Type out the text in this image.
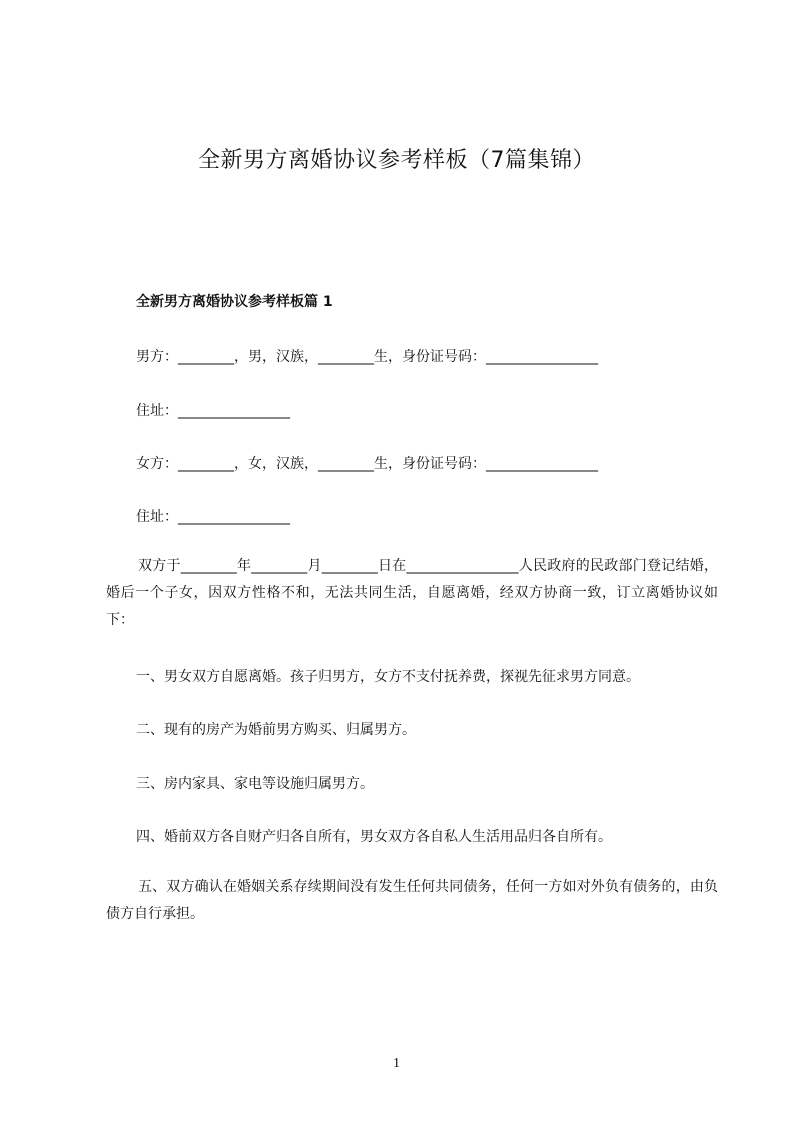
全新男方离婚协议参考样板（7篇集锦）
全新男方离婚协议参考样板篇 1
男方：________，男，汉族，________生，身份证号码：________________
住址：________________
女方：________，女，汉族，________生，身份证号码：________________
住址：________________
双方于________年________月________日在________________人民政府的民政部门登记结婚，婚后一个子女，因双方性格不和，无法共同生活，自愿离婚，经双方协商一致，订立离婚协议如下：
一、男女双方自愿离婚。孩子归男方，女方不支付抚养费，探视先征求男方同意。
二、现有的房产为婚前男方购买、归属男方。
三、房内家具、家电等设施归属男方。
四、婚前双方各自财产归各自所有，男女双方各自私人生活用品归各自所有。
五、双方确认在婚姻关系存续期间没有发生任何共同债务，任何一方如对外负有债务的，由负债方自行承担。
1
